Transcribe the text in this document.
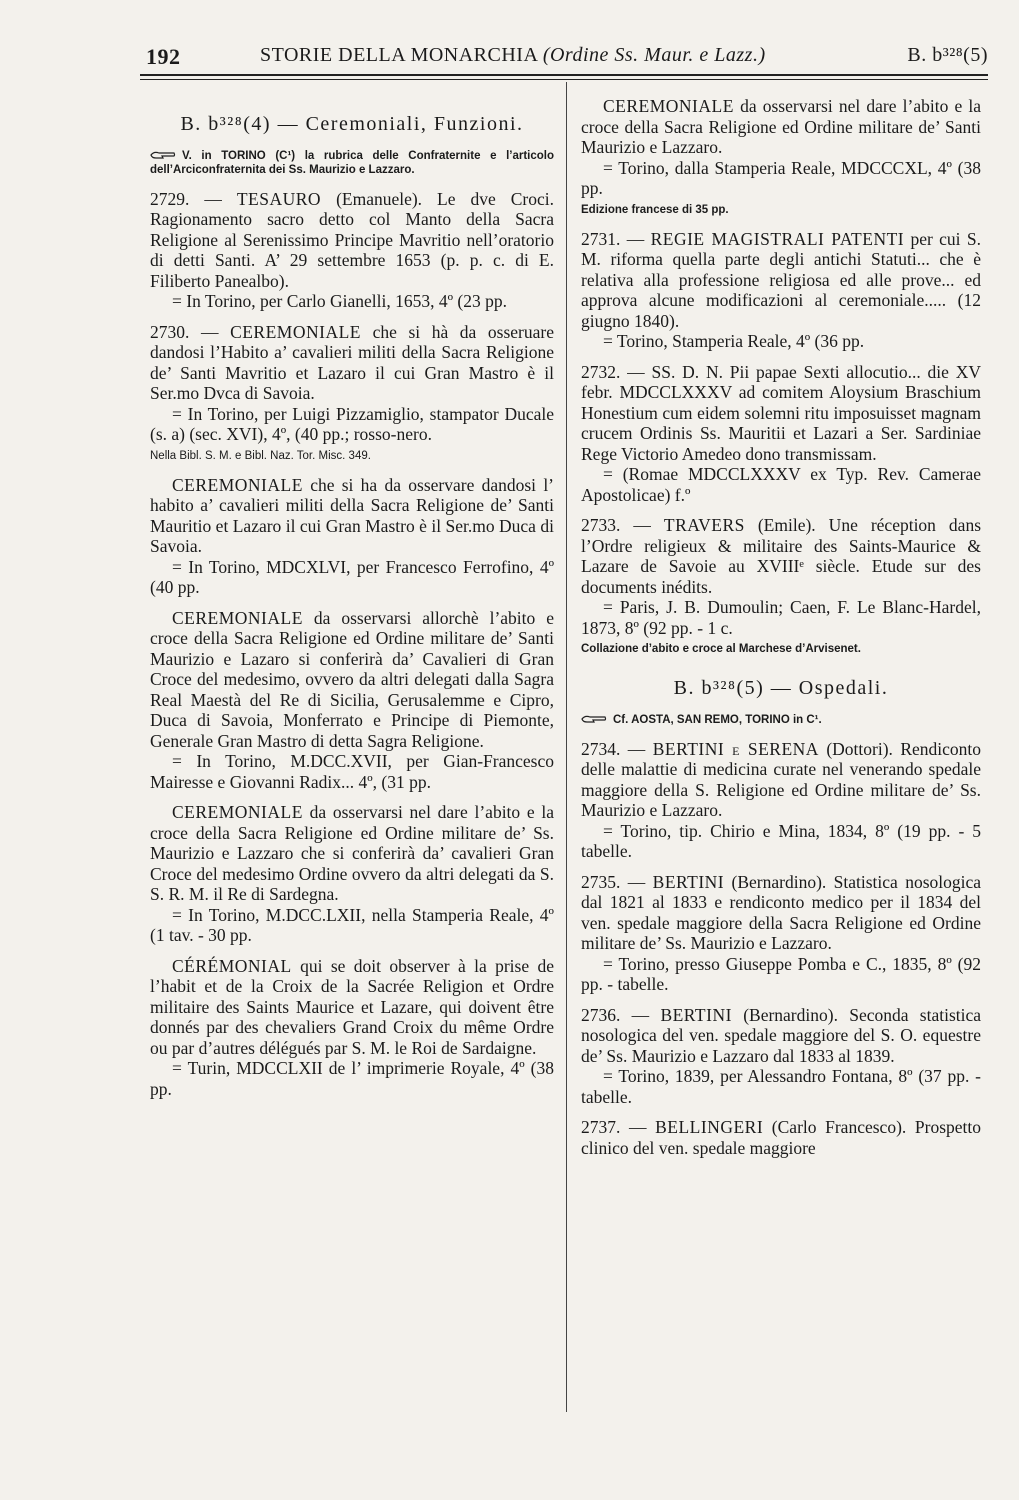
192	STORIE DELLA MONARCHIA (Ordine Ss. Maur. e Lazz.)	B. b³²⁸(5)
B. b³²⁸(4) — Ceremoniali, Funzioni.
V. in TORINO (C¹) la rubrica delle Confraternite e l’articolo dell’Arciconfraternita dei Ss. Maurizio e Lazzaro.

2729. — TESAURO (Emanuele). Le dve Croci. Ragionamento sacro detto col Manto della Sacra Religione al Serenissimo Principe Mavritio nell’oratorio di detti Santi. A’ 29 settembre 1653 (p. p. c. di E. Filiberto Panealbo).

= In Torino, per Carlo Gianelli, 1653, 4º (23 pp.

2730. — CEREMONIALE che si hà da osseruare dandosi l’Habito a’ cavalieri militi della Sacra Religione de’ Santi Mavritio et Lazaro il cui Gran Mastro è il Ser.mo Dvca di Savoia.

= In Torino, per Luigi Pizzamiglio, stampator Ducale (s. a) (sec. XVI), 4º, (40 pp.; rosso-nero.

Nella Bibl. S. M. e Bibl. Naz. Tor. Misc. 349.

CEREMONIALE che si ha da osservare dandosi l’ habito a’ cavalieri militi della Sacra Religione de’ Santi Mauritio et Lazaro il cui Gran Mastro è il Ser.mo Duca di Savoia.

= In Torino, MDCXLVI, per Francesco Ferrofino, 4º (40 pp.

CEREMONIALE da osservarsi allorchè l’abito e croce della Sacra Religione ed Ordine militare de’ Santi Maurizio e Lazaro si conferirà da’ Cavalieri di Gran Croce del medesimo, ovvero da altri delegati dalla Sagra Real Maestà del Re di Sicilia, Gerusalemme e Cipro, Duca di Savoia, Monferrato e Principe di Piemonte, Generale Gran Mastro di detta Sagra Religione.

= In Torino, M.DCC.XVII, per Gian-Francesco Mairesse e Giovanni Radix... 4º, (31 pp.

CEREMONIALE da osservarsi nel dare l’abito e la croce della Sacra Religione ed Ordine militare de’ Ss. Maurizio e Lazzaro che si conferirà da’ cavalieri Gran Croce del medesimo Ordine ovvero da altri delegati da S. S. R. M. il Re di Sardegna.

= In Torino, M.DCC.LXII, nella Stamperia Reale, 4º (1 tav. - 30 pp.

CÉRÉMONIAL qui se doit observer à la prise de l’habit et de la Croix de la Sacrée Religion et Ordre militaire des Saints Maurice et Lazare, qui doivent être donnés par des chevaliers Grand Croix du même Ordre ou par d’autres délégués par S. M. le Roi de Sardaigne.

= Turin, MDCCLXII de l’ imprimerie Royale, 4º (38 pp.

CEREMONIALE da osservarsi nel dare l’abito e la croce della Sacra Religione ed Ordine militare de’ Santi Maurizio e Lazzaro.

= Torino, dalla Stamperia Reale, MDCCCXL, 4º (38 pp.

Edizione francese di 35 pp.

2731. — REGIE MAGISTRALI PATENTI per cui S. M. riforma quella parte degli antichi Statuti... che è relativa alla professione religiosa ed alle prove... ed approva alcune modificazioni al ceremoniale..... (12 giugno 1840).

= Torino, Stamperia Reale, 4º (36 pp.

2732. — SS. D. N. Pii papae Sexti allocutio... die XV febr. MDCCLXXXV ad comitem Aloysium Braschium Honestium cum eidem solemni ritu imposuisset magnam crucem Ordinis Ss. Mauritii et Lazari a Ser. Sardiniae Rege Victorio Amedeo dono transmissam.

= (Romae MDCCLXXXV ex Typ. Rev. Camerae Apostolicae) f.º

2733. — TRAVERS (Emile). Une réception dans l’Ordre religieux & militaire des Saints-Maurice & Lazare de Savoie au XVIIIᵉ siècle. Etude sur des documents inédits.

= Paris, J. B. Dumoulin; Caen, F. Le Blanc-Hardel, 1873, 8º (92 pp. - 1 c.

Collazione d’abito e croce al Marchese d’Arvisenet.
B. b³²⁸(5) — Ospedali.
Cf. AOSTA, SAN REMO, TORINO in C¹.

2734. — BERTINI e SERENA (Dottori). Rendiconto delle malattie di medicina curate nel venerando spedale maggiore della S. Religione ed Ordine militare de’ Ss. Maurizio e Lazzaro.

= Torino, tip. Chirio e Mina, 1834, 8º (19 pp. - 5 tabelle.

2735. — BERTINI (Bernardino). Statistica nosologica dal 1821 al 1833 e rendiconto medico per il 1834 del ven. spedale maggiore della Sacra Religione ed Ordine militare de’ Ss. Maurizio e Lazzaro.

= Torino, presso Giuseppe Pomba e C., 1835, 8º (92 pp. - tabelle.

2736. — BERTINI (Bernardino). Seconda statistica nosologica del ven. spedale maggiore del S. O. equestre de’ Ss. Maurizio e Lazzaro dal 1833 al 1839.

= Torino, 1839, per Alessandro Fontana, 8º (37 pp. - tabelle.

2737. — BELLINGERI (Carlo Francesco). Prospetto clinico del ven. spedale maggiore
